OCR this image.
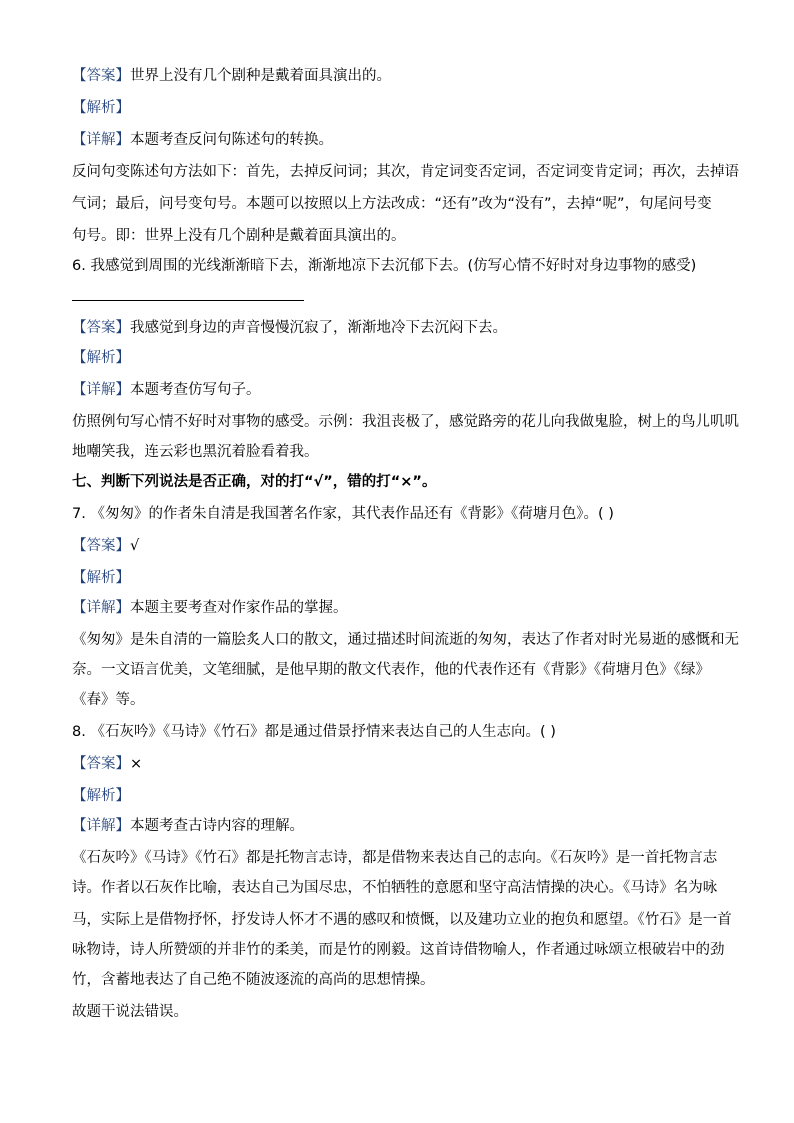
【答案】世界上没有几个剧种是戴着面具演出的。
【解析】
【详解】本题考查反问句陈述句的转换。
反问句变陈述句方法如下：首先，去掉反问词；其次，肯定词变否定词，否定词变肯定词；再次，去掉语
气词；最后，问号变句号。本题可以按照以上方法改成：“还有”改为“没有”，去掉“呢”，句尾问号变
句号。即：世界上没有几个剧种是戴着面具演出的。
6. 我感觉到周围的光线渐渐暗下去，渐渐地凉下去沉郁下去。(仿写心情不好时对身边事物的感受)
【答案】我感觉到身边的声音慢慢沉寂了，渐渐地冷下去沉闷下去。
【解析】
【详解】本题考查仿写句子。
仿照例句写心情不好时对事物的感受。示例：我沮丧极了，感觉路旁的花儿向我做鬼脸，树上的鸟儿叽叽
地嘲笑我，连云彩也黑沉着脸看着我。
七、判断下列说法是否正确，对的打“√”，错的打“×”。
7. 《匆匆》的作者朱自清是我国著名作家，其代表作品还有《背影》《荷塘月色》。( )
【答案】√
【解析】
【详解】本题主要考查对作家作品的掌握。
《匆匆》是朱自清的一篇脍炙人口的散文，通过描述时间流逝的匆匆，表达了作者对时光易逝的感慨和无
奈。一文语言优美，文笔细腻，是他早期的散文代表作，他的代表作还有《背影》《荷塘月色》《绿》
《春》等。
8. 《石灰吟》《马诗》《竹石》都是通过借景抒情来表达自己的人生志向。( )
【答案】×
【解析】
【详解】本题考查古诗内容的理解。
《石灰吟》《马诗》《竹石》都是托物言志诗，都是借物来表达自己的志向。《石灰吟》是一首托物言志
诗。作者以石灰作比喻，表达自己为国尽忠，不怕牺牲的意愿和坚守高洁情操的决心。《马诗》名为咏
马，实际上是借物抒怀，抒发诗人怀才不遇的感叹和愤慨，以及建功立业的抱负和愿望。《竹石》是一首
咏物诗，诗人所赞颂的并非竹的柔美，而是竹的刚毅。这首诗借物喻人，作者通过咏颂立根破岩中的劲
竹，含蓄地表达了自己绝不随波逐流的高尚的思想情操。
故题干说法错误。
